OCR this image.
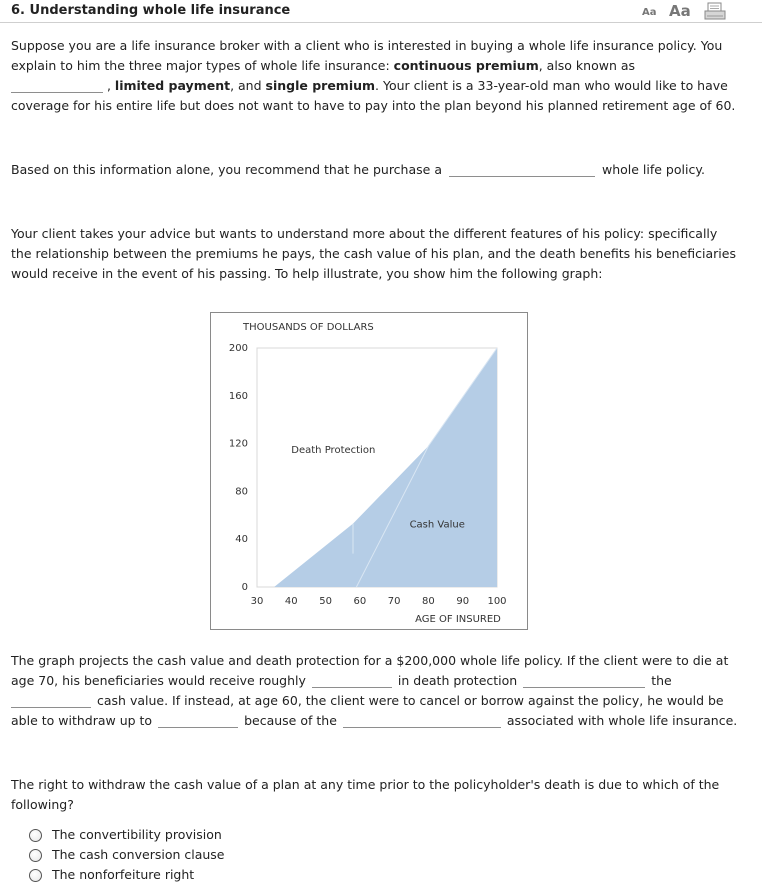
6. Understanding whole life insurance	Aa Aa

Suppose you are a life insurance broker with a client who is interested in buying a whole life insurance policy. You explain to him the three major types of whole life insurance: continuous premium, also known as
, limited payment, and single premium. Your client is a 33-year-old man who would like to have coverage for his entire life but does not want to have to pay into the plan beyond his planned retirement age of 60.

Based on this information alone, you recommend that he purchase a	whole life policy.

Your client takes your advice but wants to understand more about the different features of his policy: specifically the relationship between the premiums he pays, the cash value of his plan, and the death benefits his beneficiaries would receive in the event of his passing. To help illustrate, you show him the following graph:

THOUSANDS OF DOLLARS
0
40
80
120
160
200
30 40 50 60 70 80 90 100
Death Protection
Cash Value
AGE OF INSURED

The graph projects the cash value and death protection for a $200,000 whole life policy. If the client were to die at age 70, his beneficiaries would receive roughly	in death protection	the
cash value. If instead, at age 60, the client were to cancel or borrow against the policy, he would be able to withdraw up to	because of the	associated with whole life insurance.

The right to withdraw the cash value of a plan at any time prior to the policyholder's death is due to which of the following?

The convertibility provision
The cash conversion clause
The nonforfeiture right
